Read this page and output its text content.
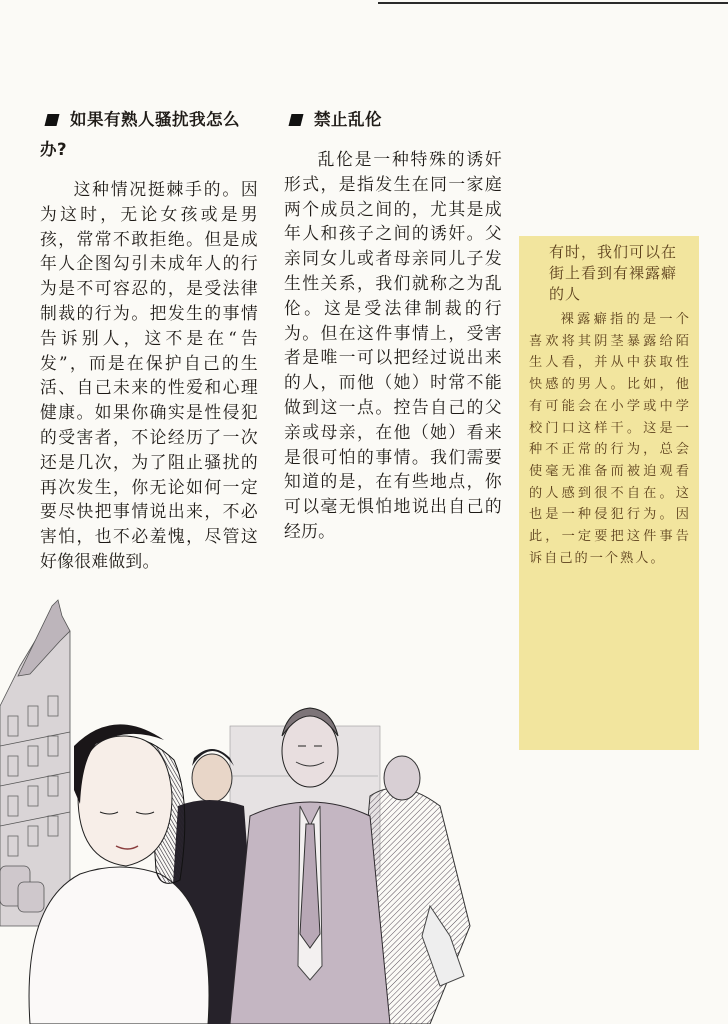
如果有熟人骚扰我怎么办?

这种情况挺棘手的。因为这时，无论女孩或是男孩，常常不敢拒绝。但是成年人企图勾引未成年人的行为是不可容忍的，是受法律制裁的行为。把发生的事情告诉别人，这不是在“告发”，而是在保护自己的生活、自己未来的性爱和心理健康。如果你确实是性侵犯的受害者，不论经历了一次还是几次，为了阻止骚扰的再次发生，你无论如何一定要尽快把事情说出来，不必害怕，也不必羞愧，尽管这好像很难做到。

禁止乱伦

乱伦是一种特殊的诱奸形式，是指发生在同一家庭两个成员之间的，尤其是成年人和孩子之间的诱奸。父亲同女儿或者母亲同儿子发生性关系，我们就称之为乱伦。这是受法律制裁的行为。但在这件事情上，受害者是唯一可以把经过说出来的人，而他（她）时常不能做到这一点。控告自己的父亲或母亲，在他（她）看来是很可怕的事情。我们需要知道的是，在有些地点，你可以毫无惧怕地说出自己的经历。

有时，我们可以在街上看到有裸露癖的人

裸露癖指的是一个喜欢将其阴茎暴露给陌生人看，并从中获取性快感的男人。比如，他有可能会在小学或中学校门口这样干。这是一种不正常的行为，总会使毫无准备而被迫观看的人感到很不自在。这也是一种侵犯行为。因此，一定要把这件事告诉自己的一个熟人。
